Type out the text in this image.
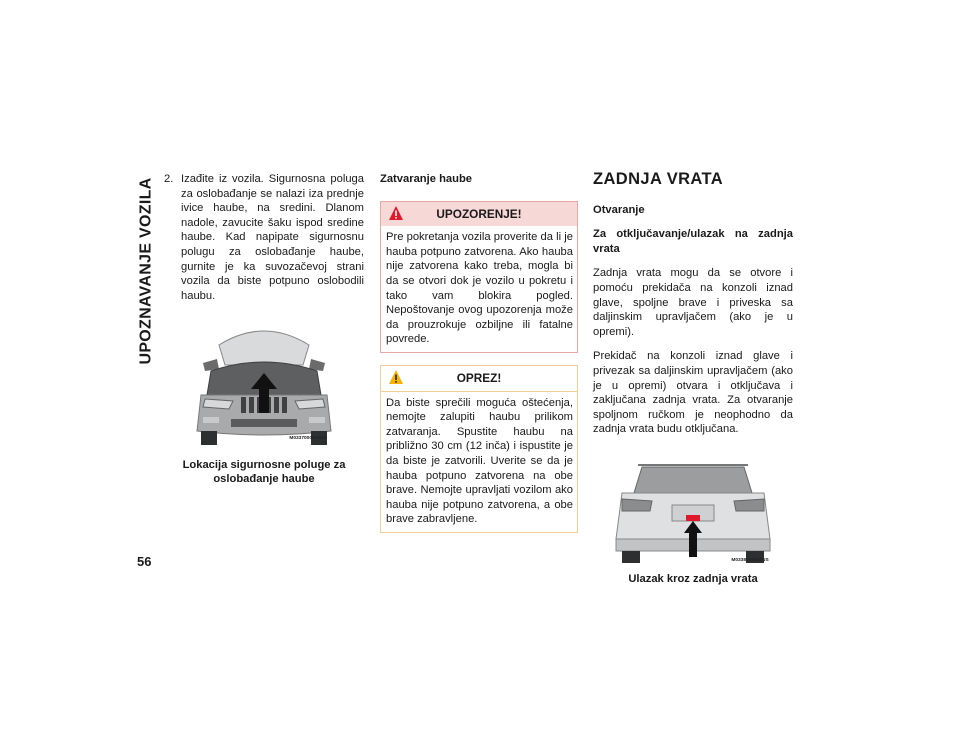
UPOZNAVANJE VOZILA
56
2. Izađite iz vozila. Sigurnosna poluga za oslobađanje se nalazi iza prednje ivice haube, na sredini. Dlanom nadole, zavucite šaku ispod sredine haube. Kad napipate sigurnosnu polugu za oslobađanje haube, gurnite je ka suvozačevoj strani vozila da biste potpuno oslobodili haubu.
M0337000024US
Lokacija sigurnosne poluge za oslobađanje haube

Zatvaranje haube

UPOZORENJE!
Pre pokretanja vozila proverite da li je hauba potpuno zatvorena. Ako hauba nije zatvorena kako treba, mogla bi da se otvori dok je vozilo u pokretu i tako vam blokira pogled. Nepoštovanje ovog upozorenja može da prouzrokuje ozbiljne ili fatalne povrede.
OPREZ!
Da biste sprečili moguća oštećenja, nemojte zalupiti haubu prilikom zatvaranja. Spustite haubu na približno 30 cm (12 inča) i ispustite je da biste je zatvorili. Uverite se da je hauba potpuno zatvorena na obe brave. Nemojte upravljati vozilom ako hauba nije potpuno zatvorena, a obe brave zabravljene.

ZADNJA VRATA

Otvaranje

Za otključavanje/ulazak na zadnja vrata

Zadnja vrata mogu da se otvore i pomoću prekidača na konzoli iznad glave, spoljne brave i priveska sa daljinskim upravljačem (ako je u opremi).

Prekidač na konzoli iznad glave i privezak sa daljinskim upravljačem (ako je u opremi) otvara i otključava i zaključana zadnja vrata. Za otvaranje spoljnom ručkom je neophodno da zadnja vrata budu otključana.

M0338000052US
Ulazak kroz zadnja vrata
